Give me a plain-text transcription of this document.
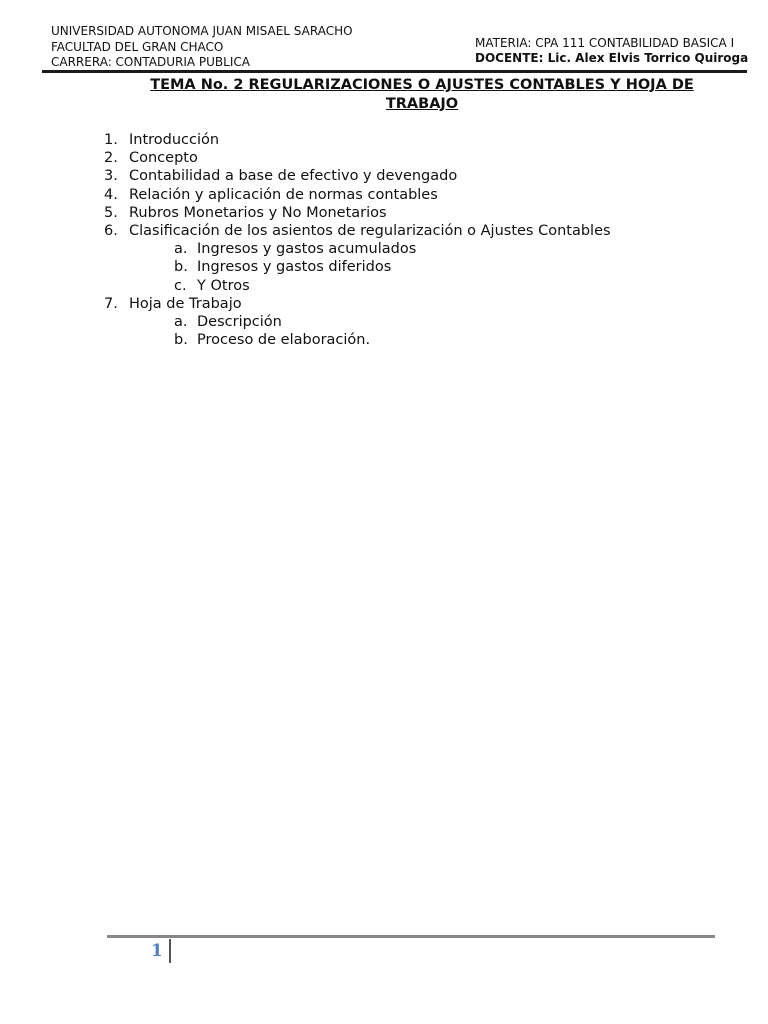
UNIVERSIDAD AUTONOMA JUAN MISAEL SARACHO
FACULTAD DEL GRAN CHACO
CARRERA: CONTADURIA PUBLICA
MATERIA: CPA 111 CONTABILIDAD BASICA I
DOCENTE: Lic. Alex Elvis Torrico Quiroga
TEMA No. 2 REGULARIZACIONES O AJUSTES CONTABLES Y HOJA DE TRABAJO
1. Introducción
2. Concepto
3. Contabilidad a base de efectivo y devengado
4. Relación y aplicación de normas contables
5. Rubros Monetarios y No Monetarios
6. Clasificación de los asientos de regularización o Ajustes Contables
a. Ingresos y gastos acumulados
b. Ingresos y gastos diferidos
c. Y Otros
7. Hoja de Trabajo
a. Descripción
b. Proceso de elaboración.
1
